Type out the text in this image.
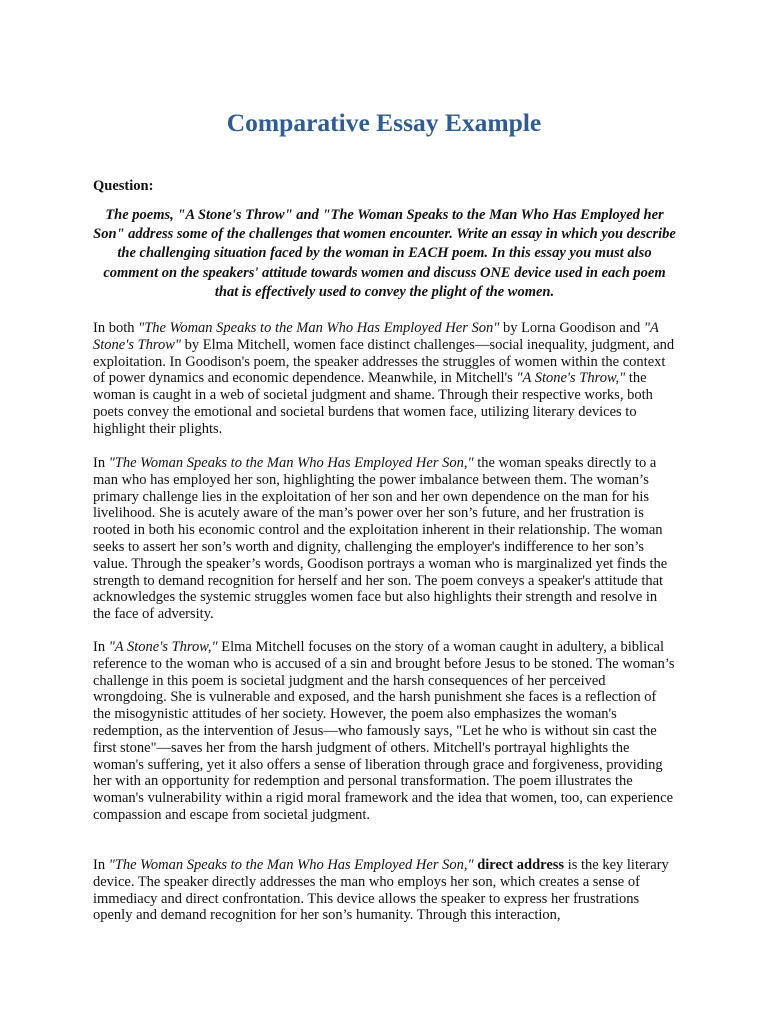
Comparative Essay Example

Question:

The poems, "A Stone's Throw" and "The Woman Speaks to the Man Who Has Employed her Son" address some of the challenges that women encounter. Write an essay in which you describe the challenging situation faced by the woman in EACH poem. In this essay you must also comment on the speakers' attitude towards women and discuss ONE device used in each poem that is effectively used to convey the plight of the women.

In both "The Woman Speaks to the Man Who Has Employed Her Son" by Lorna Goodison and "A Stone's Throw" by Elma Mitchell, women face distinct challenges—social inequality, judgment, and exploitation. In Goodison's poem, the speaker addresses the struggles of women within the context of power dynamics and economic dependence. Meanwhile, in Mitchell's "A Stone's Throw," the woman is caught in a web of societal judgment and shame. Through their respective works, both poets convey the emotional and societal burdens that women face, utilizing literary devices to highlight their plights.

In "The Woman Speaks to the Man Who Has Employed Her Son," the woman speaks directly to a man who has employed her son, highlighting the power imbalance between them. The woman’s primary challenge lies in the exploitation of her son and her own dependence on the man for his livelihood. She is acutely aware of the man’s power over her son’s future, and her frustration is rooted in both his economic control and the exploitation inherent in their relationship. The woman seeks to assert her son’s worth and dignity, challenging the employer's indifference to her son’s value. Through the speaker’s words, Goodison portrays a woman who is marginalized yet finds the strength to demand recognition for herself and her son. The poem conveys a speaker's attitude that acknowledges the systemic struggles women face but also highlights their strength and resolve in the face of adversity.

In "A Stone's Throw," Elma Mitchell focuses on the story of a woman caught in adultery, a biblical reference to the woman who is accused of a sin and brought before Jesus to be stoned. The woman’s challenge in this poem is societal judgment and the harsh consequences of her perceived wrongdoing. She is vulnerable and exposed, and the harsh punishment she faces is a reflection of the misogynistic attitudes of her society. However, the poem also emphasizes the woman's redemption, as the intervention of Jesus—who famously says, "Let he who is without sin cast the first stone"—saves her from the harsh judgment of others. Mitchell's portrayal highlights the woman's suffering, yet it also offers a sense of liberation through grace and forgiveness, providing her with an opportunity for redemption and personal transformation. The poem illustrates the woman's vulnerability within a rigid moral framework and the idea that women, too, can experience compassion and escape from societal judgment.

In "The Woman Speaks to the Man Who Has Employed Her Son," direct address is the key literary device. The speaker directly addresses the man who employs her son, which creates a sense of immediacy and direct confrontation. This device allows the speaker to express her frustrations openly and demand recognition for her son’s humanity. Through this interaction,
